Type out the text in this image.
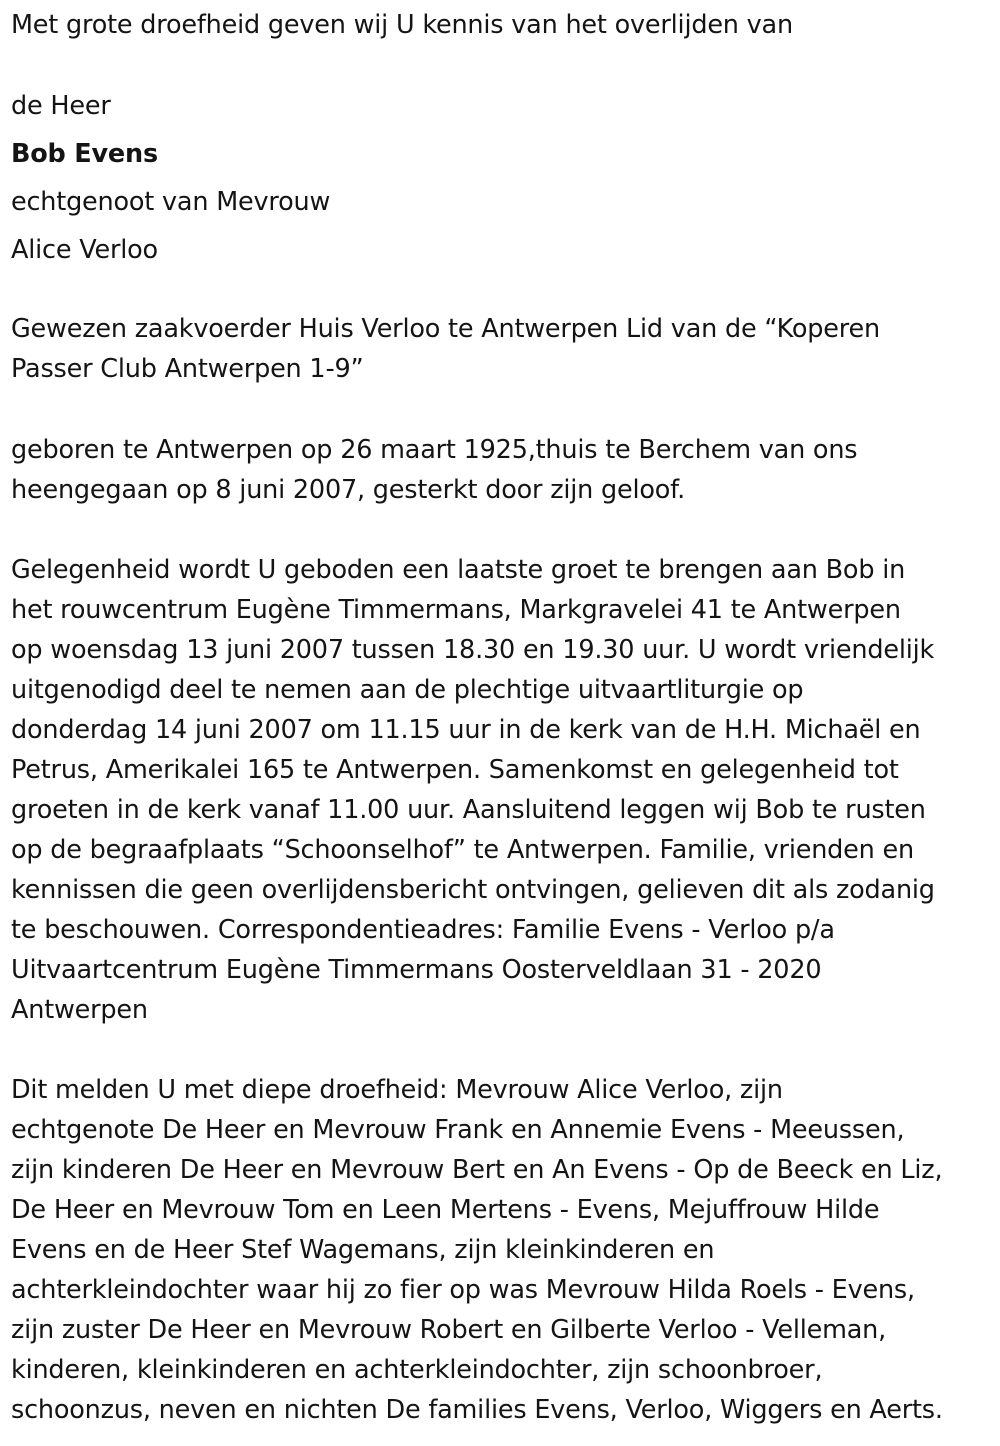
Met grote droefheid geven wij U kennis van het overlijden van
de Heer
Bob Evens
echtgenoot van Mevrouw
Alice Verloo
Gewezen zaakvoerder Huis Verloo te Antwerpen Lid van de “Koperen
Passer Club Antwerpen 1-9”
geboren te Antwerpen op 26 maart 1925,thuis te Berchem van ons
heengegaan op 8 juni 2007, gesterkt door zijn geloof.
Gelegenheid wordt U geboden een laatste groet te brengen aan Bob in
het rouwcentrum Eugène Timmermans, Markgravelei 41 te Antwerpen
op woensdag 13 juni 2007 tussen 18.30 en 19.30 uur. U wordt vriendelijk
uitgenodigd deel te nemen aan de plechtige uitvaartliturgie op
donderdag 14 juni 2007 om 11.15 uur in de kerk van de H.H. Michaël en
Petrus, Amerikalei 165 te Antwerpen. Samenkomst en gelegenheid tot
groeten in de kerk vanaf 11.00 uur. Aansluitend leggen wij Bob te rusten
op de begraafplaats “Schoonselhof” te Antwerpen. Familie, vrienden en
kennissen die geen overlijdensbericht ontvingen, gelieven dit als zodanig
te beschouwen. Correspondentieadres: Familie Evens - Verloo p/a
Uitvaartcentrum Eugène Timmermans Oosterveldlaan 31 - 2020
Antwerpen
Dit melden U met diepe droefheid: Mevrouw Alice Verloo, zijn
echtgenote De Heer en Mevrouw Frank en Annemie Evens - Meeussen,
zijn kinderen De Heer en Mevrouw Bert en An Evens - Op de Beeck en Liz,
De Heer en Mevrouw Tom en Leen Mertens - Evens, Mejuffrouw Hilde
Evens en de Heer Stef Wagemans, zijn kleinkinderen en
achterkleindochter waar hij zo fier op was Mevrouw Hilda Roels - Evens,
zijn zuster De Heer en Mevrouw Robert en Gilberte Verloo - Velleman,
kinderen, kleinkinderen en achterkleindochter, zijn schoonbroer,
schoonzus, neven en nichten De families Evens, Verloo, Wiggers en Aerts.
